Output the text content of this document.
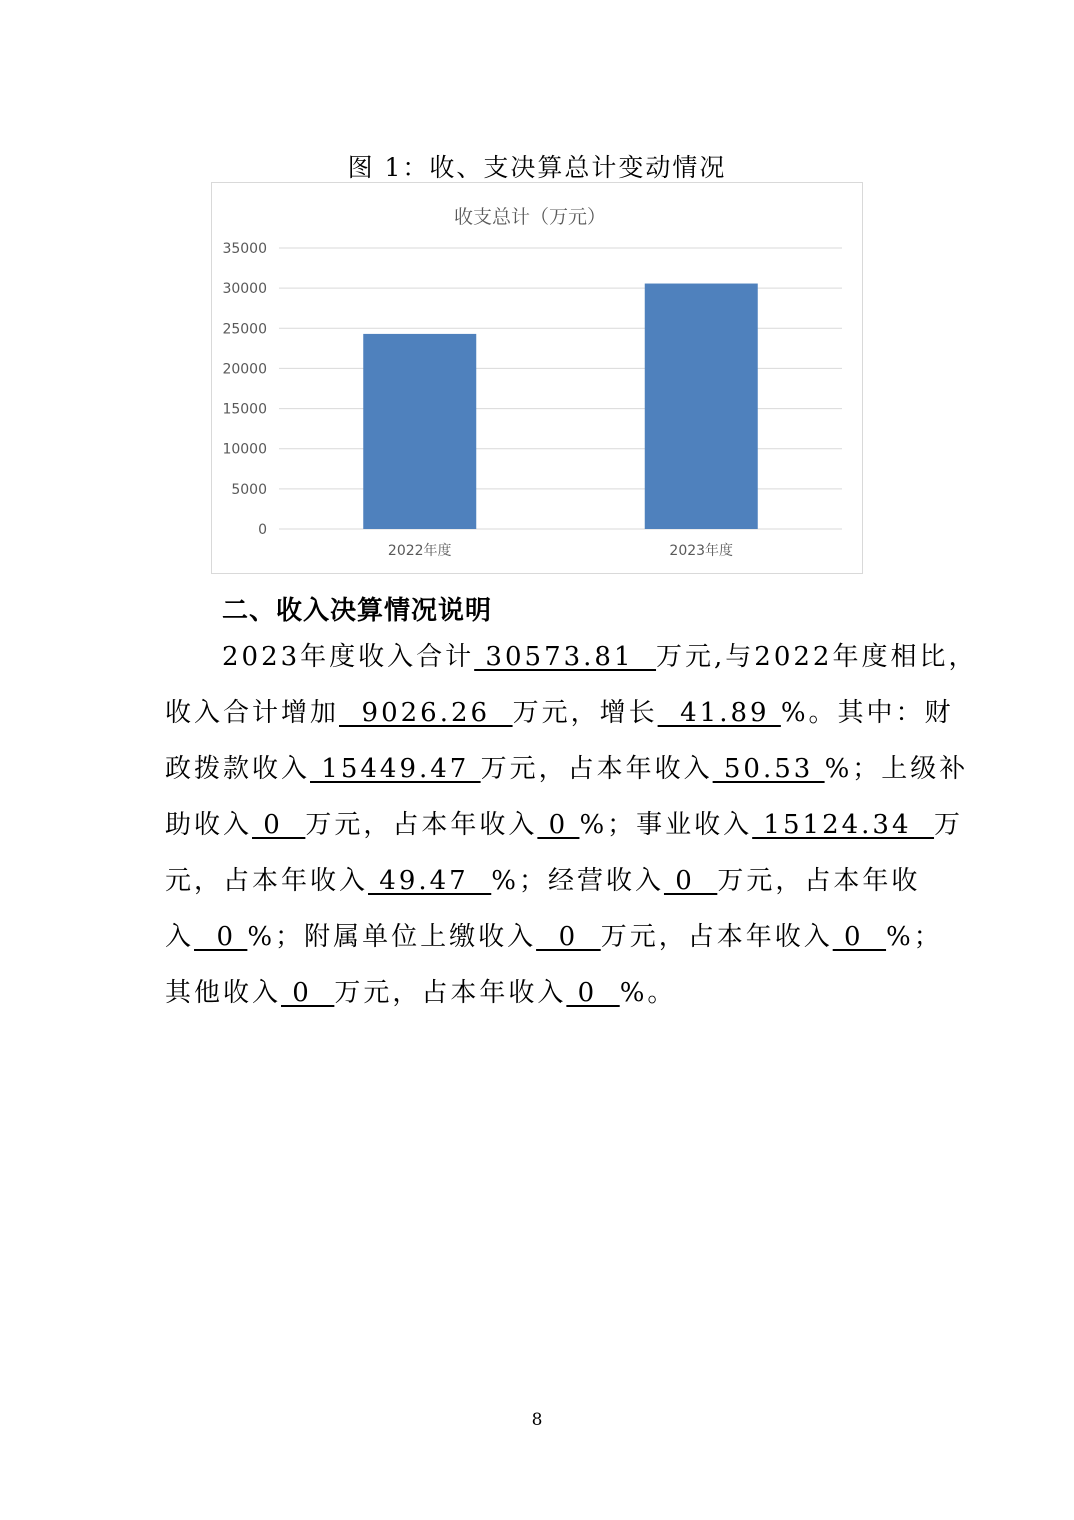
图 1：收、支决算总计变动情况
收支总计（万元）
35000
30000
25000
20000
15000
10000
5000
0
2022年度	2023年度
二、收入决算情况说明
2023年度收入合计 30573.81  万元,与2022年度相比，
收入合计增加  9026.26  万元，增长  41.89 %。其中：财
政拨款收入 15449.47 万元，占本年收入 50.53 %；上级补
助收入 0  万元，占本年收入 0 %；事业收入 15124.34  万
元，占本年收入 49.47  %；经营收入 0  万元，占本年收
入  0 %；附属单位上缴收入  0  万元，占本年收入 0  %；
其他收入 0  万元，占本年收入 0  %。
8
